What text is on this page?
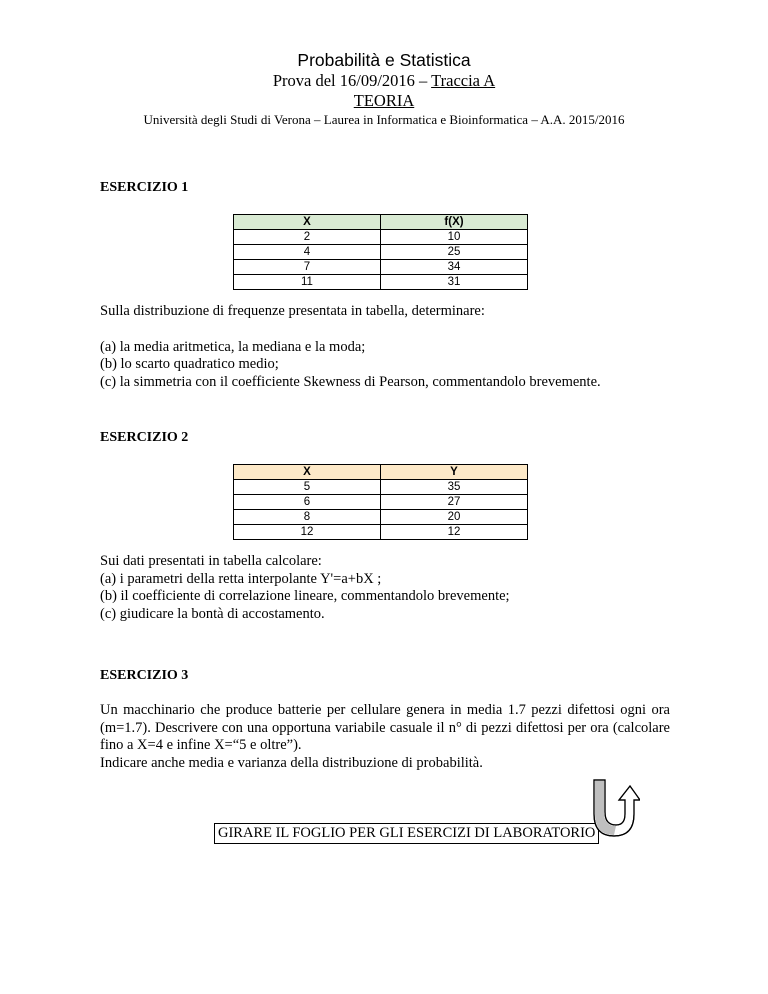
Probabilità e Statistica
Prova del 16/09/2016 – Traccia A
TEORIA
Università degli Studi di Verona – Laurea in Informatica e Bioinformatica – A.A. 2015/2016
ESERCIZIO 1
X	f(X)
2	10
4	25
7	34
11	31

Sulla distribuzione di frequenze presentata in tabella, determinare:

(a) la media aritmetica, la mediana e la moda;

(b) lo scarto quadratico medio;

(c) la simmetria con il coefficiente Skewness di Pearson, commentandolo brevemente.

ESERCIZIO 2
X	Y
5	35
6	27
8	20
12	12

Sui dati presentati in tabella calcolare:

(a) i parametri della retta interpolante Y'=a+bX ;

(b) il coefficiente di correlazione lineare, commentandolo brevemente;

(c) giudicare la bontà di accostamento.

ESERCIZIO 3

Un macchinario che produce batterie per cellulare genera in media 1.7 pezzi difettosi ogni ora (m=1.7). Descrivere con una opportuna variabile casuale il n° di pezzi difettosi per ora (calcolare fino a X=4 e infine X=“5 e oltre”).

Indicare anche media e varianza della distribuzione di probabilità.

GIRARE IL FOGLIO PER GLI ESERCIZI DI LABORATORIO
